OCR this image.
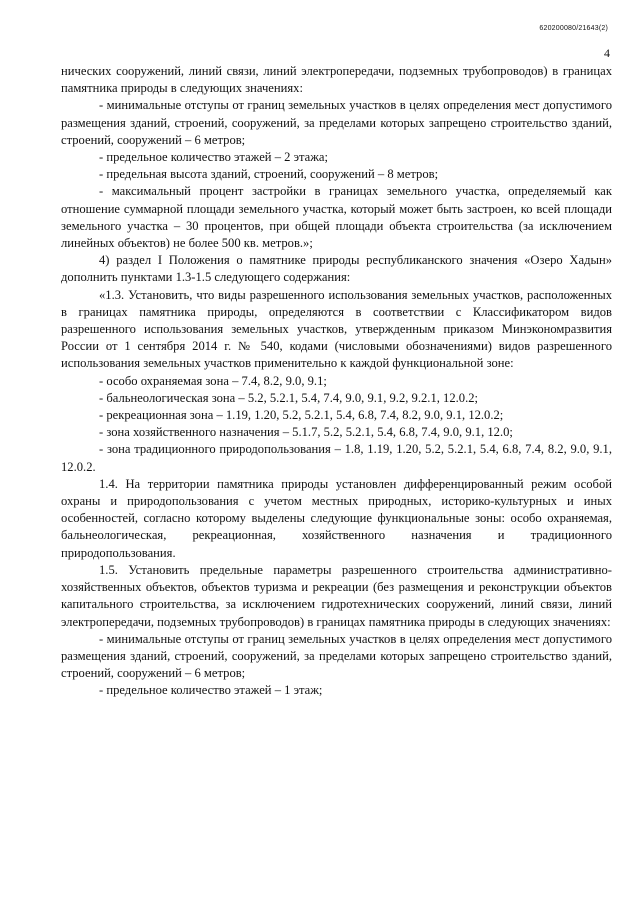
620200080/21643(2)
4

нических сооружений, линий связи, линий электропередачи, подземных трубопроводов) в границах памятника природы в следующих значениях:

- минимальные отступы от границ земельных участков в целях определения мест допустимого размещения зданий, строений, сооружений, за пределами которых запрещено строительство зданий, строений, сооружений – 6 метров;

- предельное количество этажей – 2 этажа;

- предельная высота зданий, строений, сооружений – 8 метров;

- максимальный процент застройки в границах земельного участка, определяемый как отношение суммарной площади земельного участка, который может быть застроен, ко всей площади земельного участка – 30 процентов, при общей площади объекта строительства (за исключением линейных объектов) не более 500 кв. метров.»;

4) раздел I Положения о памятнике природы республиканского значения «Озеро Хадын» дополнить пунктами 1.3-1.5 следующего содержания:

«1.3. Установить, что виды разрешенного использования земельных участков, расположенных в границах памятника природы, определяются в соответствии с Классификатором видов разрешенного использования земельных участков, утвержденным приказом Минэкономразвития России от 1 сентября 2014 г. № 540, кодами (числовыми обозначениями) видов разрешенного использования земельных участков применительно к каждой функциональной зоне:

- особо охраняемая зона – 7.4, 8.2, 9.0, 9.1;

- бальнеологическая зона – 5.2, 5.2.1, 5.4, 7.4, 9.0, 9.1, 9.2, 9.2.1, 12.0.2;

- рекреационная зона – 1.19, 1.20, 5.2, 5.2.1, 5.4, 6.8, 7.4, 8.2, 9.0, 9.1, 12.0.2;

- зона хозяйственного назначения – 5.1.7, 5.2, 5.2.1, 5.4, 6.8, 7.4, 9.0, 9.1, 12.0;

- зона традиционного природопользования – 1.8, 1.19, 1.20, 5.2, 5.2.1, 5.4, 6.8, 7.4, 8.2, 9.0, 9.1, 12.0.2.

1.4. На территории памятника природы установлен дифференцированный режим особой охраны и природопользования с учетом местных природных, историко-культурных и иных особенностей, согласно которому выделены следующие функциональные зоны: особо охраняемая, бальнеологическая, рекреационная, хозяйственного назначения и традиционного природопользования.

1.5. Установить предельные параметры разрешенного строительства административно-хозяйственных объектов, объектов туризма и рекреации (без размещения и реконструкции объектов капитального строительства, за исключением гидротехнических сооружений, линий связи, линий электропередачи, подземных трубопроводов) в границах памятника природы в следующих значениях:

- минимальные отступы от границ земельных участков в целях определения мест допустимого размещения зданий, строений, сооружений, за пределами которых запрещено строительство зданий, строений, сооружений – 6 метров;

- предельное количество этажей – 1 этаж;
